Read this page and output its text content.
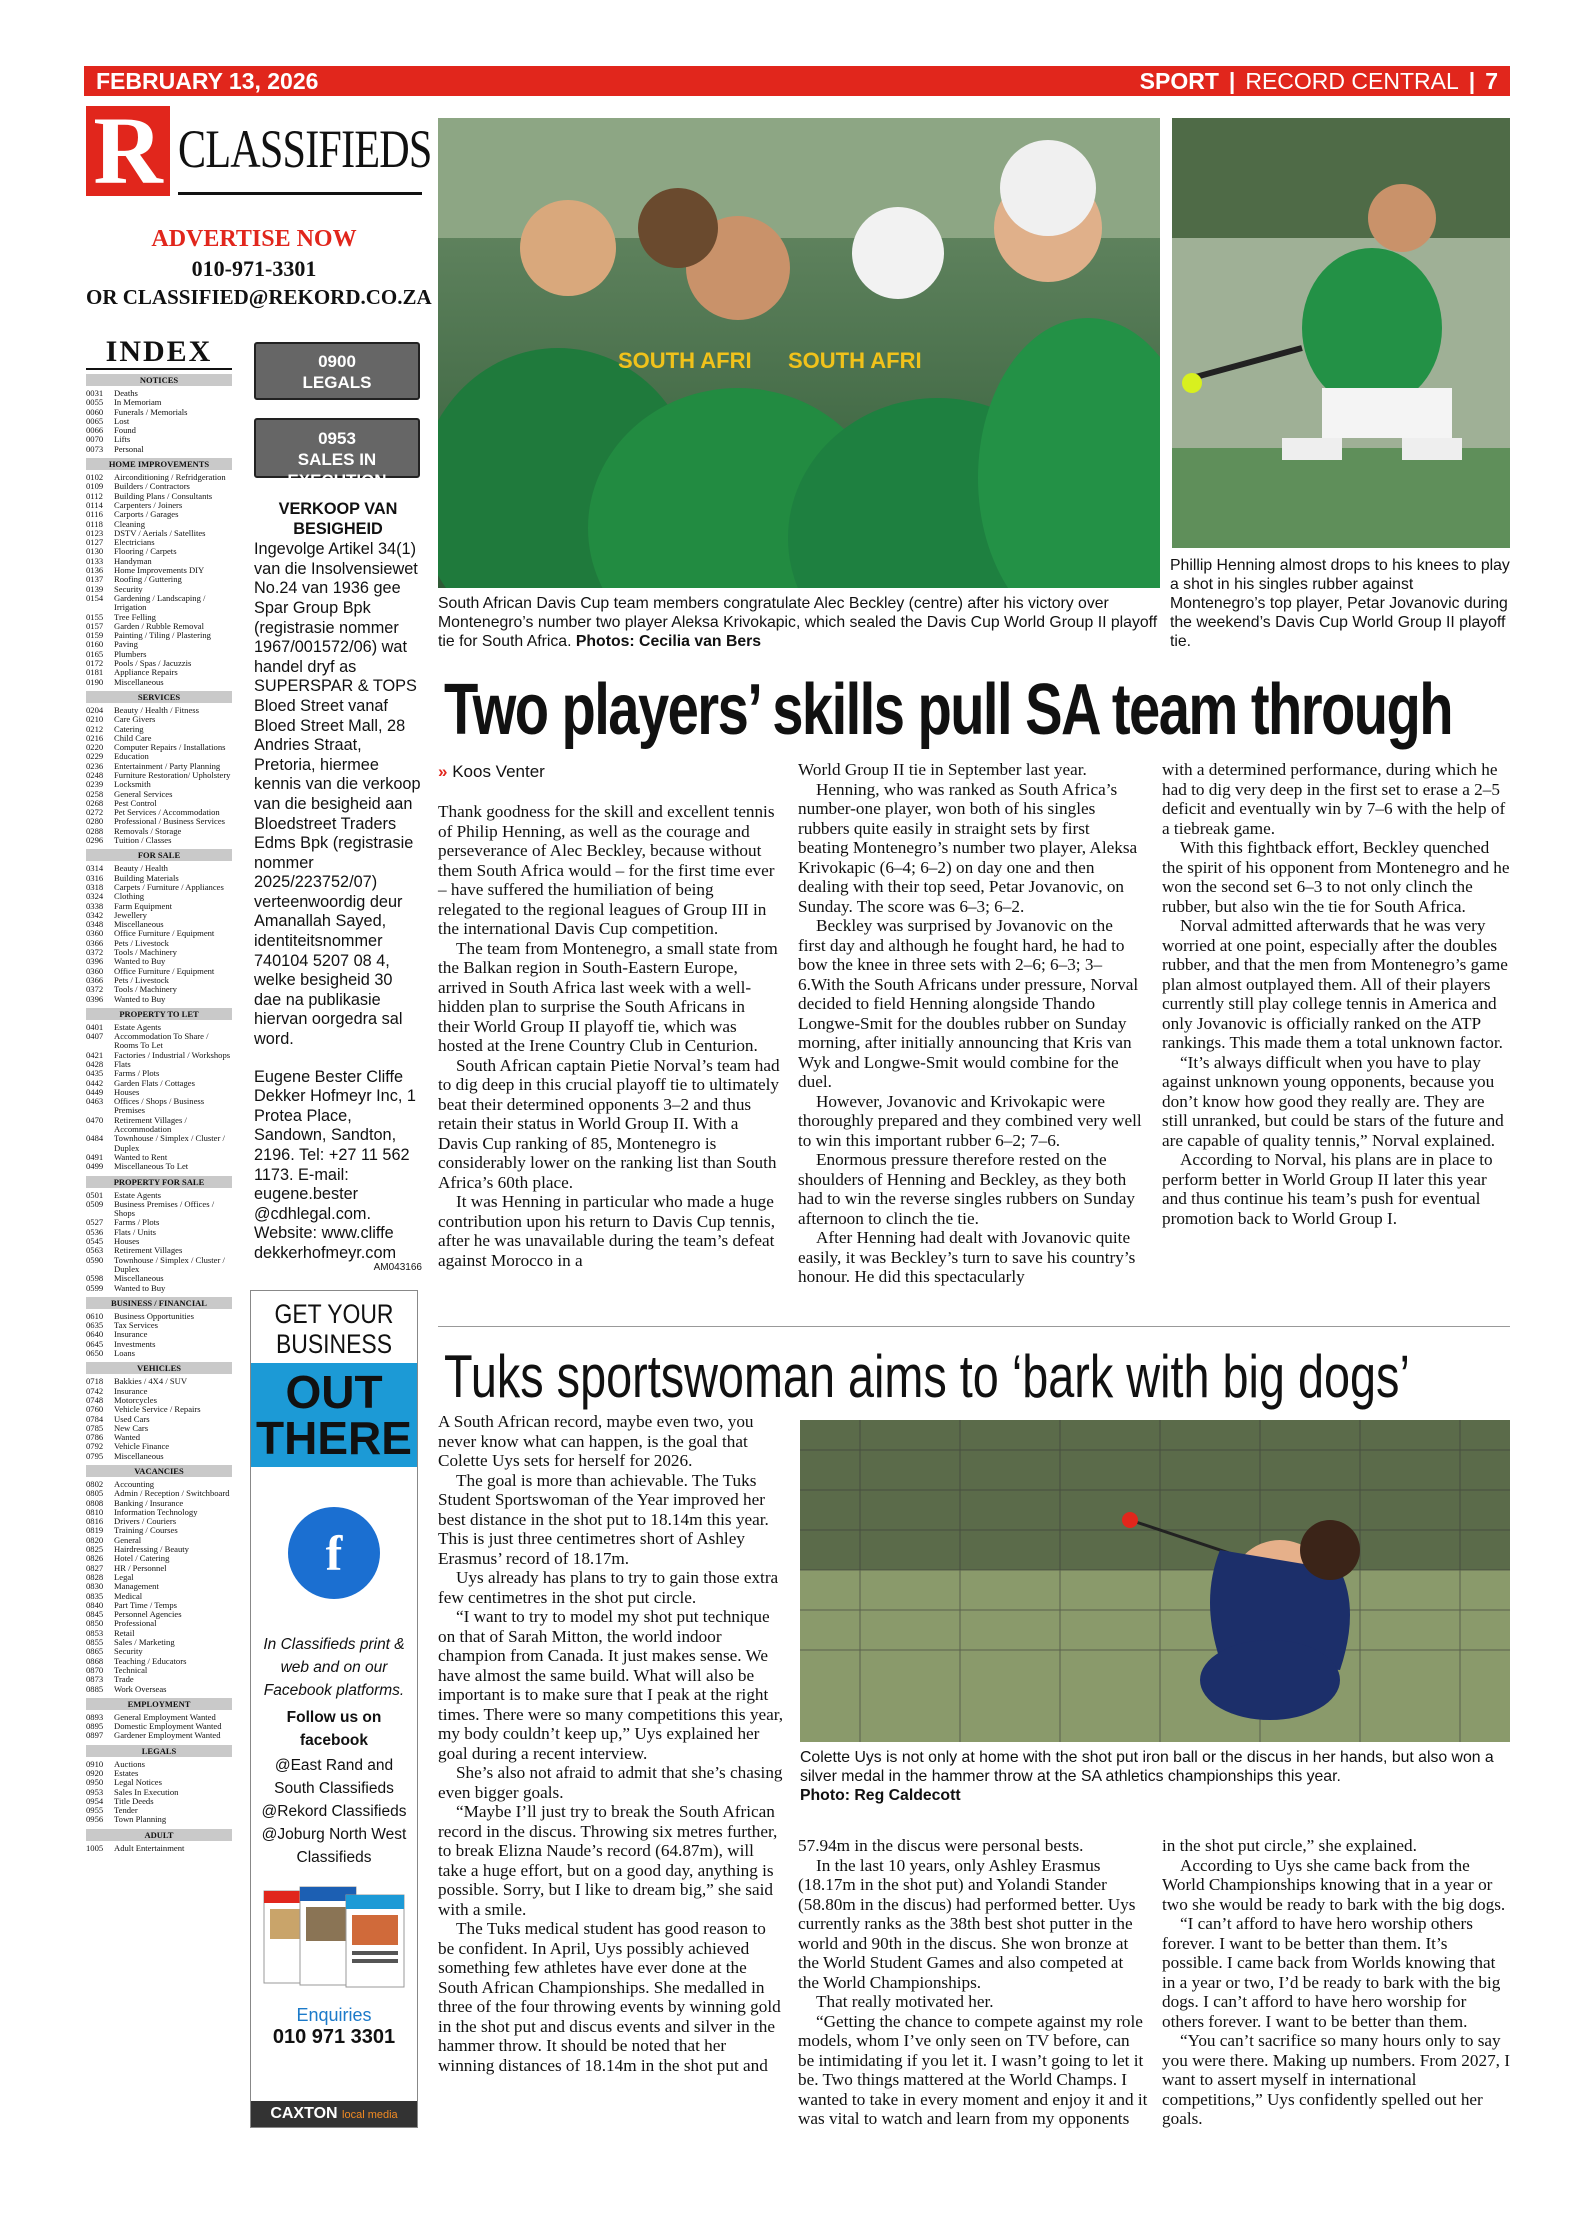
FEBRUARY 13, 2026	SPORT | RECORD CENTRAL | 7
R CLASSIFIEDS
ADVERTISE NOW
010-971-3301
OR CLASSIFIED@REKORD.CO.ZA
INDEX
NOTICES
0031	Deaths
0055	In Memoriam
0060	Funerals / Memorials
0065	Lost
0066	Found
0070	Lifts
0073	Personal
HOME IMPROVEMENTS
0102	Airconditioning / Refridgeration
0109	Builders / Contractors
0112	Building Plans / Consultants
0114	Carpenters / Joiners
0116	Carports / Garages
0118	Cleaning
0123	DSTV / Aerials / Satellites
0127	Electricians
0130	Flooring / Carpets
0133	Handyman
0136	Home Improvements DIY
0137	Roofing / Guttering
0139	Security
0154	Gardening / Landscaping / Irrigation
0155	Tree Felling
0157	Garden / Rubble Removal
0159	Painting / Tiling / Plastering
0160	Paving
0165	Plumbers
0172	Pools / Spas / Jacuzzis
0181	Appliance Repairs
0190	Miscellaneous
SERVICES
0204	Beauty / Health / Fitness
0210	Care Givers
0212	Catering
0216	Child Care
0220	Computer Repairs / Installations
0229	Education
0236	Entertainment / Party Planning
0248	Furniture Restoration/ Upholstery
0239	Locksmith
0258	General Services
0268	Pest Control
0272	Pet Services / Accommodation
0280	Professional / Business Services
0288	Removals / Storage
0296	Tuition / Classes
FOR SALE
0314	Beauty / Health
0316	Building Materials
0318	Carpets / Furniture / Appliances
0324	Clothing
0338	Farm Equipment
0342	Jewellery
0348	Miscellaneous
0360	Office Furniture / Equipment
0366	Pets / Livestock
0372	Tools / Machinery
0396	Wanted to Buy
0360	Office Furniture / Equipment
0366	Pets / Livestock
0372	Tools / Machinery
0396	Wanted to Buy
PROPERTY TO LET
0401	Estate Agents
0407	Accommodation To Share / Rooms To Let
0421	Factories / Industrial / Workshops
0428	Flats
0435	Farms / Plots
0442	Garden Flats / Cottages
0449	Houses
0463	Offices / Shops / Business Premises
0470	Retirement Villages / Accommodation
0484	Townhouse / Simplex / Cluster / Duplex
0491	Wanted to Rent
0499	Miscellaneous To Let
PROPERTY FOR SALE
0501	Estate Agents
0509	Business Premises / Offices / Shops
0527	Farms / Plots
0536	Flats / Units
0545	Houses
0563	Retirement Villages
0590	Townhouse / Simplex / Cluster / Duplex
0598	Miscellaneous
0599	Wanted to Buy
BUSINESS / FINANCIAL
0610	Business Opportunities
0635	Tax Services
0640	Insurance
0645	Investments
0650	Loans
VEHICLES
0718	Bakkies / 4X4 / SUV
0742	Insurance
0748	Motorcycles
0760	Vehicle Service / Repairs
0784	Used Cars
0785	New Cars
0786	Wanted
0792	Vehicle Finance
0795	Miscellaneous
VACANCIES
0802	Accounting
0805	Admin / Reception / Switchboard
0808	Banking / Insurance
0810	Information Technology
0816	Drivers / Couriers
0819	Training / Courses
0820	General
0825	Hairdressing / Beauty
0826	Hotel / Catering
0827	HR / Personnel
0828	Legal
0830	Management
0835	Medical
0840	Part Time / Temps
0845	Personnel Agencies
0850	Professional
0853	Retail
0855	Sales / Marketing
0865	Security
0868	Teaching / Educators
0870	Technical
0873	Trade
0885	Work Overseas
EMPLOYMENT
0893	General Employment Wanted
0895	Domestic Employment Wanted
0897	Gardener Employment Wanted
LEGALS
0910	Auctions
0920	Estates
0950	Legal Notices
0953	Sales In Execution
0954	Title Deeds
0955	Tender
0956	Town Planning
ADULT
1005	Adult Entertainment
0900
LEGALS
0953
SALES IN EXECUTION
VERKOOP VAN BESIGHEID
Ingevolge Artikel 34(1) van die Insolvensiewet No.24 van 1936 gee Spar Group Bpk (registrasie nommer 1967/001572/06) wat handel dryf as SUPERSPAR & TOPS Bloed Street vanaf Bloed Street Mall, 28 Andries Straat, Pretoria, hiermee kennis van die verkoop van die besigheid aan Bloedstreet Traders Edms Bpk (registrasie nommer 2025/223752/07) verteenwoordig deur Amanallah Sayed, identiteitsnommer 740104 5207 08 4, welke besigheid 30 dae na publikasie hiervan oorgedra sal word.
Eugene Bester Cliffe Dekker Hofmeyr Inc, 1 Protea Place, Sandown, Sandton, 2196. Tel: +27 11 562 1173. E-mail: eugene.bester @cdhlegal.com. Website: www.cliffe dekkerhofmeyr.com
AM043166
GET YOUR BUSINESS
OUT
THERE
f
In Classifieds print & web and on our Facebook platforms.
Follow us on facebook
@East Rand and South Classifieds @Rekord Classifieds @Joburg North West Classifieds
Enquiries
010 971 3301
CAXTON local media
SOUTH AFRI SOUTH AFRI
South African Davis Cup team members congratulate Alec Beckley (centre) after his victory over Montenegro’s number two player Aleksa Krivokapic, which sealed the Davis Cup World Group II playoff tie for South Africa. Photos: Cecilia van Bers
Phillip Henning almost drops to his knees to play a shot in his singles rubber against Montenegro’s top player, Petar Jovanovic during the weekend’s Davis Cup World Group II playoff tie.
Two players’ skills pull SA team through
» Koos Venter

Thank goodness for the skill and excellent tennis of Philip Henning, as well as the courage and perseverance of Alec Beckley, because without them South Africa would – for the first time ever – have suffered the humiliation of being relegated to the regional leagues of Group III in the international Davis Cup competition.

The team from Montenegro, a small state from the Balkan region in South-Eastern Europe, arrived in South Africa last week with a well-hidden plan to surprise the South Africans in their World Group II playoff tie, which was hosted at the Irene Country Club in Centurion.

South African captain Pietie Norval’s team had to dig deep in this crucial playoff tie to ultimately beat their determined opponents 3–2 and thus retain their status in World Group II. With a Davis Cup ranking of 85, Montenegro is considerably lower on the ranking list than South Africa’s 60th place.

It was Henning in particular who made a huge contribution upon his return to Davis Cup tennis, after he was unavailable during the team’s defeat against Morocco in a

World Group II tie in September last year.

Henning, who was ranked as South Africa’s number-one player, won both of his singles rubbers quite easily in straight sets by first beating Montenegro’s number two player, Aleksa Krivokapic (6–4; 6–2) on day one and then dealing with their top seed, Petar Jovanovic, on Sunday. The score was 6–3; 6–2.

Beckley was surprised by Jovanovic on the first day and although he fought hard, he had to bow the knee in three sets with 2–6; 6–3; 3–6.With the South Africans under pressure, Norval decided to field Henning alongside Thando Longwe-Smit for the doubles rubber on Sunday morning, after initially announcing that Kris van Wyk and Longwe-Smit would combine for the duel.

However, Jovanovic and Krivokapic were thoroughly prepared and they combined very well to win this important rubber 6–2; 7–6.

Enormous pressure therefore rested on the shoulders of Henning and Beckley, as they both had to win the reverse singles rubbers on Sunday afternoon to clinch the tie.

After Henning had dealt with Jovanovic quite easily, it was Beckley’s turn to save his country’s honour. He did this spectacularly

with a determined performance, during which he had to dig very deep in the first set to erase a 2–5 deficit and eventually win by 7–6 with the help of a tiebreak game.

With this fightback effort, Beckley quenched the spirit of his opponent from Montenegro and he won the second set 6–3 to not only clinch the rubber, but also win the tie for South Africa.

Norval admitted afterwards that he was very worried at one point, especially after the doubles rubber, and that the men from Montenegro’s game plan almost outplayed them. All of their players currently still play college tennis in America and only Jovanovic is officially ranked on the ATP rankings. This made them a total unknown factor.

“It’s always difficult when you have to play against unknown young opponents, because you don’t know how good they really are. They are still unranked, but could be stars of the future and are capable of quality tennis,” Norval explained.

According to Norval, his plans are in place to perform better in World Group II later this year and thus continue his team’s push for eventual promotion back to World Group I.

Tuks sportswoman aims to ‘bark with big dogs’

A South African record, maybe even two, you never know what can happen, is the goal that Colette Uys sets for herself for 2026.

The goal is more than achievable. The Tuks Student Sportswoman of the Year improved her best distance in the shot put to 18.14m this year. This is just three centimetres short of Ashley Erasmus’ record of 18.17m.

Uys already has plans to try to gain those extra few centimetres in the shot put circle.

“I want to try to model my shot put technique on that of Sarah Mitton, the world indoor champion from Canada. It just makes sense. We have almost the same build. What will also be important is to make sure that I peak at the right times. There were so many competitions this year, my body couldn’t keep up,” Uys explained her goal during a recent interview.

She’s also not afraid to admit that she’s chasing even bigger goals.

“Maybe I’ll just try to break the South African record in the discus. Throwing six metres further, to break Elizna Naude’s record (64.87m), will take a huge effort, but on a good day, anything is possible. Sorry, but I like to dream big,” she said with a smile.

The Tuks medical student has good reason to be confident. In April, Uys possibly achieved something few athletes have ever done at the South African Championships. She medalled in three of the four throwing events by winning gold in the shot put and discus events and silver in the hammer throw. It should be noted that her winning distances of 18.14m in the shot put and

Colette Uys is not only at home with the shot put iron ball or the discus in her hands, but also won a silver medal in the hammer throw at the SA athletics championships this year.
Photo: Reg Caldecott

57.94m in the discus were personal bests.

In the last 10 years, only Ashley Erasmus (18.17m in the shot put) and Yolandi Stander (58.80m in the discus) had performed better. Uys currently ranks as the 38th best shot putter in the world and 90th in the discus. She won bronze at the World Student Games and also competed at the World Championships.

That really motivated her.

“Getting the chance to compete against my role models, whom I’ve only seen on TV before, can be intimidating if you let it. I wasn’t going to let it be. Two things mattered at the World Champs. I wanted to take in every moment and enjoy it and it was vital to watch and learn from my opponents

in the shot put circle,” she explained.

According to Uys she came back from the World Championships knowing that in a year or two she would be ready to bark with the big dogs.

“I can’t afford to have hero worship others forever. I want to be better than them. It’s possible. I came back from Worlds knowing that in a year or two, I’d be ready to bark with the big dogs. I can’t afford to have hero worship for others forever. I want to be better than them.

“You can’t sacrifice so many hours only to say you were there. Making up numbers. From 2027, I want to assert myself in international competitions,” Uys confidently spelled out her goals.
